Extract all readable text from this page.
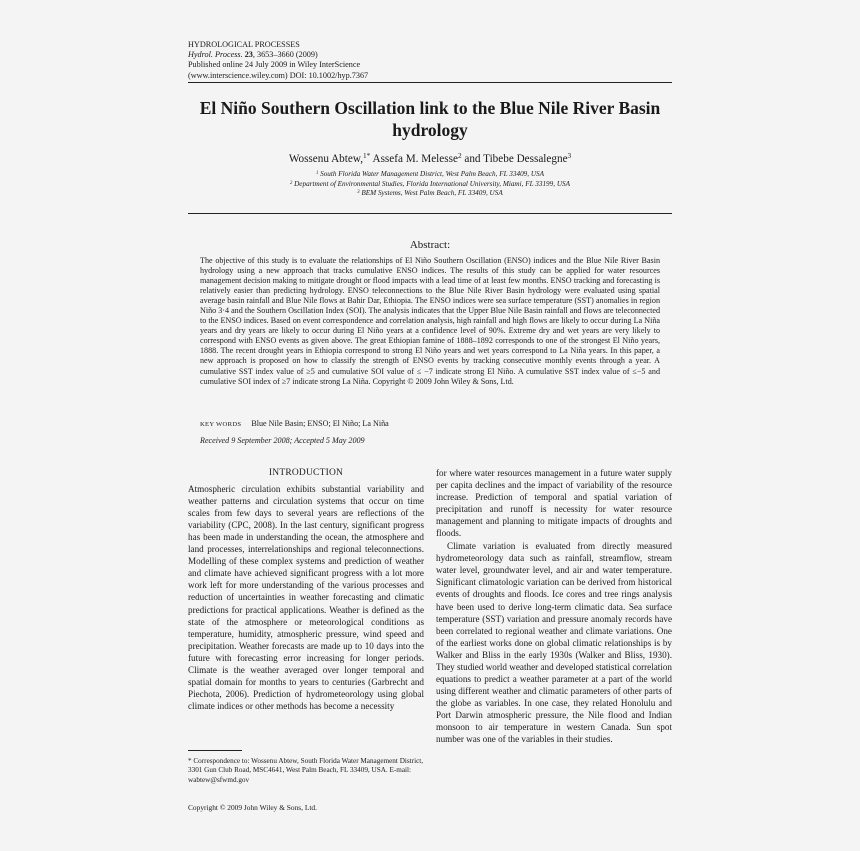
HYDROLOGICAL PROCESSES
Hydrol. Process. 23, 3653–3660 (2009)
Published online 24 July 2009 in Wiley InterScience
(www.interscience.wiley.com) DOI: 10.1002/hyp.7367
El Niño Southern Oscillation link to the Blue Nile River Basin hydrology
Wossenu Abtew,$^{1*}$ Assefa M. Melesse$^2$ and Tibebe Dessalegne$^3$
$^1$ South Florida Water Management District, West Palm Beach, FL 33409, USA
$^2$ Department of Environmental Studies, Florida International University, Miami, FL 33199, USA
$^3$ BEM Systems, West Palm Beach, FL 33409, USA
Abstract:
The objective of this study is to evaluate the relationships of El Niño Southern Oscillation (ENSO) indices and the Blue Nile River Basin hydrology using a new approach that tracks cumulative ENSO indices. The results of this study can be applied for water resources management decision making to mitigate drought or flood impacts with a lead time of at least few months. ENSO tracking and forecasting is relatively easier than predicting hydrology. ENSO teleconnections to the Blue Nile River Basin hydrology were evaluated using spatial average basin rainfall and Blue Nile flows at Bahir Dar, Ethiopia. The ENSO indices were sea surface temperature (SST) anomalies in region Niño 3·4 and the Southern Oscillation Index (SOI). The analysis indicates that the Upper Blue Nile Basin rainfall and flows are teleconnected to the ENSO indices. Based on event correspondence and correlation analysis, high rainfall and high flows are likely to occur during La Niña years and dry years are likely to occur during El Niño years at a confidence level of 90%. Extreme dry and wet years are very likely to correspond with ENSO events as given above. The great Ethiopian famine of 1888–1892 corresponds to one of the strongest El Niño years, 1888. The recent drought years in Ethiopia correspond to strong El Niño years and wet years correspond to La Niña years. In this paper, a new approach is proposed on how to classify the strength of ENSO events by tracking consecutive monthly events through a year. A cumulative SST index value of ≥5 and cumulative SOI value of ≤ −7 indicate strong El Niño. A cumulative SST index value of ≤−5 and cumulative SOI index of ≥7 indicate strong La Niña. Copyright © 2009 John Wiley & Sons, Ltd.
KEY WORDS Blue Nile Basin; ENSO; El Niño; La Niña
Received 9 September 2008; Accepted 5 May 2009
INTRODUCTION

Atmospheric circulation exhibits substantial variability and weather patterns and circulation systems that occur on time scales from few days to several years are reflections of the variability (CPC, 2008). In the last century, significant progress has been made in understanding the ocean, the atmosphere and land processes, interrelationships and regional teleconnections. Modelling of these complex systems and prediction of weather and climate have achieved significant progress with a lot more work left for more understanding of the various processes and reduction of uncertainties in weather forecasting and climatic predictions for practical applications. Weather is defined as the state of the atmosphere or meteorological conditions as temperature, humidity, atmospheric pressure, wind speed and precipitation. Weather forecasts are made up to 10 days into the future with forecasting error increasing for longer periods. Climate is the weather averaged over longer temporal and spatial domain for months to years to centuries (Garbrecht and Piechota, 2006). Prediction of hydrometeorology using global climate indices or other methods has become a necessity

for where water resources management in a future water supply per capita declines and the impact of variability of the resource increase. Prediction of temporal and spatial variation of precipitation and runoff is necessity for water resource management and planning to mitigate impacts of droughts and floods.

Climate variation is evaluated from directly measured hydrometeorology data such as rainfall, streamflow, stream water level, groundwater level, and air and water temperature. Significant climatologic variation can be derived from historical events of droughts and floods. Ice cores and tree rings analysis have been used to derive long-term climatic data. Sea surface temperature (SST) variation and pressure anomaly records have been correlated to regional weather and climate variations. One of the earliest works done on global climatic relationships is by Walker and Bliss in the early 1930s (Walker and Bliss, 1930). They studied world weather and developed statistical correlation equations to predict a weather parameter at a part of the world using different weather and climatic parameters of other parts of the globe as variables. In one case, they related Honolulu and Port Darwin atmospheric pressure, the Nile flood and Indian monsoon to air temperature in western Canada. Sun spot number was one of the variables in their studies.

* Correspondence to: Wossenu Abtew, South Florida Water Management District, 3301 Gun Club Road, MSC4641, West Palm Beach, FL 33409, USA. E-mail: wabtew@sfwmd.gov
Copyright © 2009 John Wiley & Sons, Ltd.
